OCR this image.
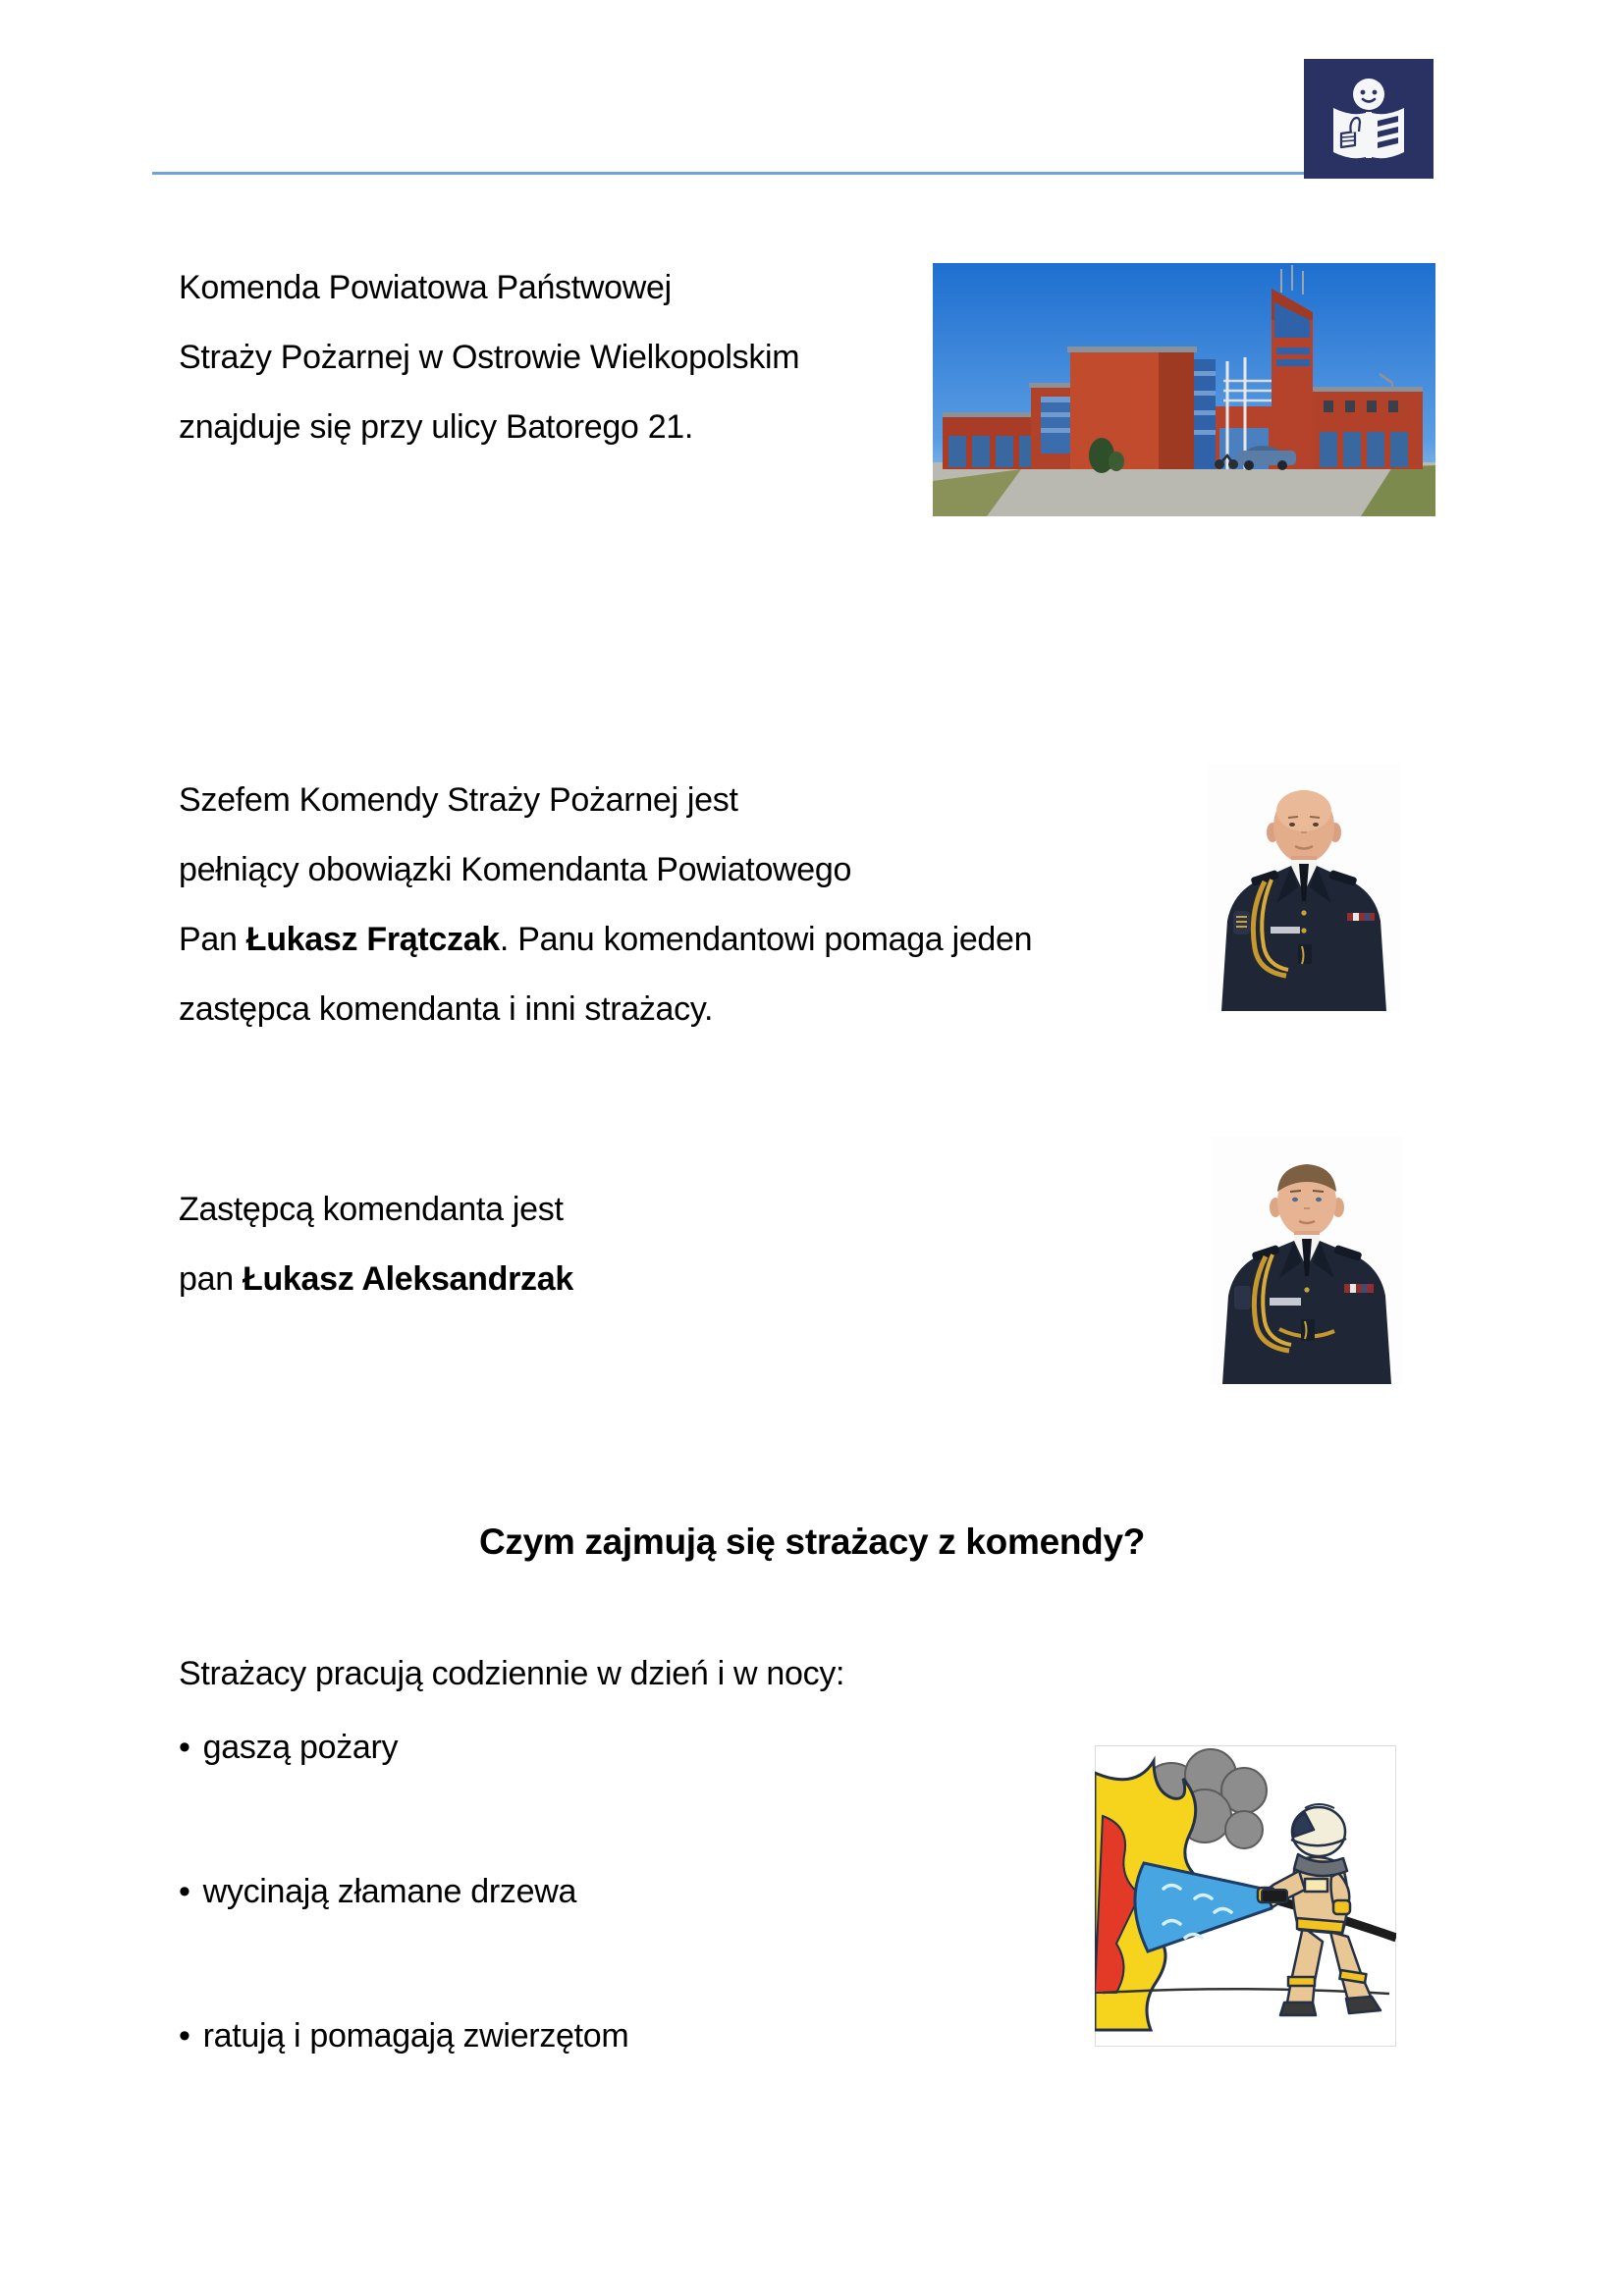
Komenda Powiatowa Państwowej

Straży Pożarnej w Ostrowie Wielkopolskim

znajduje się przy ulicy Batorego 21.

Szefem Komendy Straży Pożarnej jest

pełniący obowiązki Komendanta Powiatowego

Pan Łukasz Frątczak. Panu komendantowi pomaga jeden

zastępca komendanta i inni strażacy.

Zastępcą komendanta jest

pan Łukasz Aleksandrzak

Czym zajmują się strażacy z komendy?

Strażacy pracują codziennie w dzień i w nocy:

• gaszą pożary
• wycinają złamane drzewa
• ratują i pomagają zwierzętom
